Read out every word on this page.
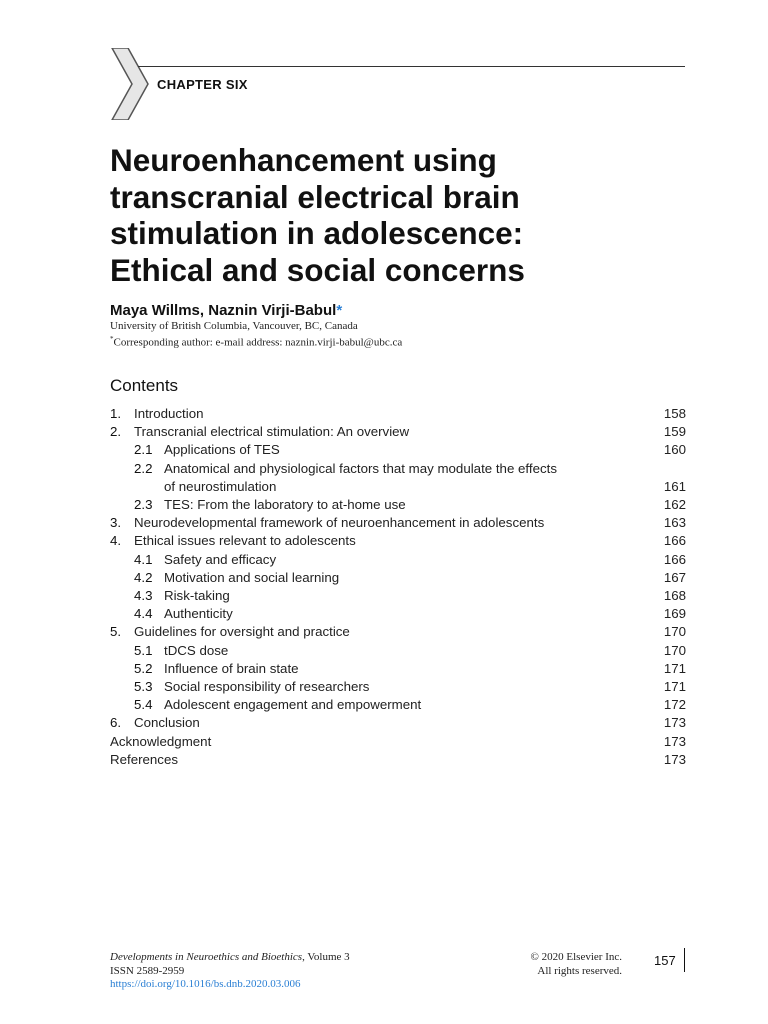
CHAPTER SIX
Neuroenhancement using
transcranial electrical brain
stimulation in adolescence:
Ethical and social concerns
Maya Willms, Naznin Virji-Babul*
University of British Columbia, Vancouver, BC, Canada
*Corresponding author: e-mail address: naznin.virji-babul@ubc.ca
Contents
1. Introduction	158
2. Transcranial electrical stimulation: An overview	159
2.1 Applications of TES	160
2.2 Anatomical and physiological factors that may modulate the effects
of neurostimulation	161
2.3 TES: From the laboratory to at-home use	162
3. Neurodevelopmental framework of neuroenhancement in adolescents	163
4. Ethical issues relevant to adolescents	166
4.1 Safety and efficacy	166
4.2 Motivation and social learning	167
4.3 Risk-taking	168
4.4 Authenticity	169
5. Guidelines for oversight and practice	170
5.1 tDCS dose	170
5.2 Influence of brain state	171
5.3 Social responsibility of researchers	171
5.4 Adolescent engagement and empowerment	172
6. Conclusion	173
Acknowledgment	173
References	173
Developments in Neuroethics and Bioethics, Volume 3
ISSN 2589-2959
https://doi.org/10.1016/bs.dnb.2020.03.006
© 2020 Elsevier Inc.
All rights reserved.
157
